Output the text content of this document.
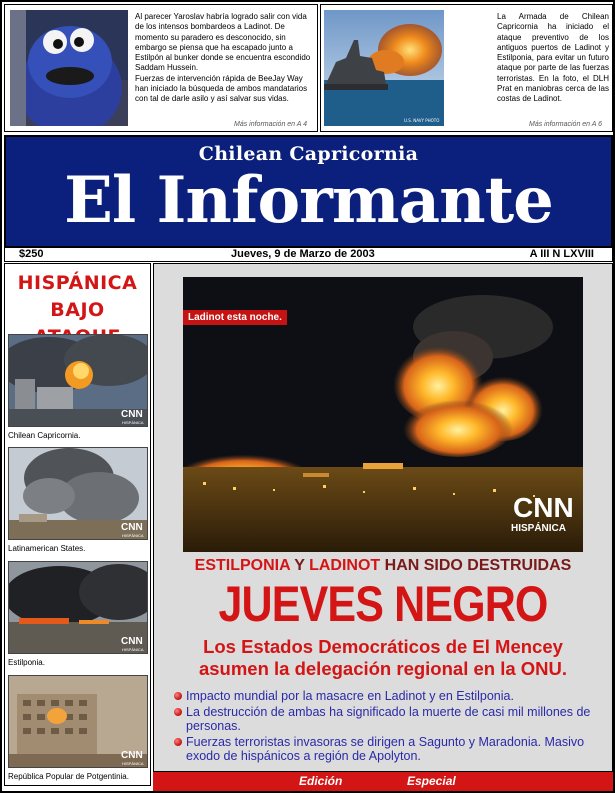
Al parecer Yaroslav habría logrado salir con vida de los intensos bombardeos a Ladinot. De momento su paradero es desconocido, sin embargo se piensa que ha escapado junto a Estilpón al bunker donde se encuentra escondido Saddam Hussein.

Fuerzas de intervención rápida de BeeJay Way han iniciado la búsqueda de ambos mandatarios con tal de darle asilo y así salvar sus vidas.

Más información en A 4
U.S. NAVY PHOTO
La Armada de Chilean Capricornia ha iniciado el ataque preventivo de los antiguos puertos de Ladinot y Estilponia, para evitar un futuro ataque por parte de las fuerzas terroristas. En la foto, el DLH Prat en maniobras cerca de las costas de Ladinot.
Más información en A 6
Chilean Capricornia
El Informante
$250	Jueves, 9 de Marzo de 2003	A III N LXVIII
HISPÁNICA
BAJO
CNN
HISPÁNICA
Chilean Capricornia.
CNN
HISPÁNICA
Latinamerican States.
CNN
HISPÁNICA
Estilponia.
CNN
HISPÁNICA
República Popular de Potgentinia.
CNN
HISPÁNICA
Ladinot esta noche.
ESTILPONIA Y LADINOT HAN SIDO DESTRUIDAS
JUEVES NEGRO
Los Estados Democráticos de El Mencey
asumen la delegación regional en la ONU.
Impacto mundial por la masacre en Ladinot y en Estilponia.
La destrucción de ambas ha significado la muerte de casi mil millones de personas.
Fuerzas terroristas invasoras se dirigen a Sagunto y Maradonia. Masivo exodo de hispánicos a región de Apolyton.
Edición	Especial
